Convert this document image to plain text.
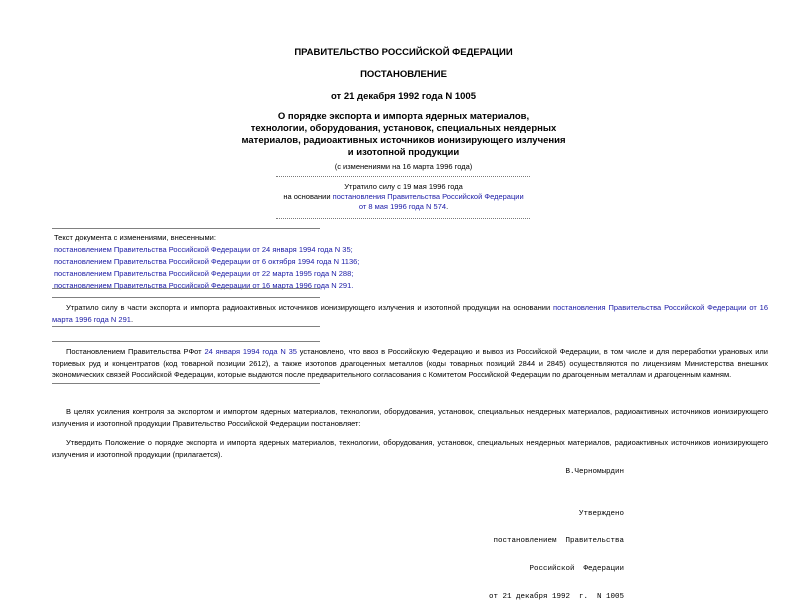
ПРАВИТЕЛЬСТВО РОССИЙСКОЙ ФЕДЕРАЦИИ
ПОСТАНОВЛЕНИЕ
от 21 декабря 1992 года N 1005
О порядке экспорта и импорта ядерных материалов,
технологии, оборудования, установок, специальных неядерных
материалов, радиоактивных источников ионизирующего излучения
и изотопной продукции
(с изменениями на 16 марта 1996 года)
Утратило силу с 19 мая 1996 года
на основании постановления Правительства Российской Федерации
от 8 мая 1996 года N 574.
Текст документа с изменениями, внесенными:
постановлением Правительства Российской Федерации от 24 января 1994 года N 35;
постановлением Правительства Российской Федерации от 6 октября 1994 года N 1136;
постановлением Правительства Российской Федерации от 22 марта 1995 года N 288;
постановлением Правительства Российской Федерации от 16 марта 1996 года N 291.
Утратило силу в части экспорта и импорта радиоактивных источников ионизирующего излучения и изотопной продукции на основании постановления Правительства Российской Федерации от 16 марта 1996 года N 291.
Постановлением Правительства РФот 24 января 1994 года N 35 установлено, что ввоз в Российскую Федерацию и вывоз из Российской Федерации, в том числе и для переработки урановых или ториевых руд и концентратов (код товарной позиции 2612), а также изотопов драгоценных металлов (коды товарных позиций 2844 и 2845) осуществляются по лицензиям Министерства внешних экономических связей Российской Федерации, которые выдаются после предварительного согласования с Комитетом Российской Федерации по драгоценным металлам и драгоценным камням.
В целях усиления контроля за экспортом и импортом ядерных материалов, технологии, оборудования, установок, специальных неядерных материалов, радиоактивных источников ионизирующего излучения и изотопной продукции Правительство Российской Федерации постановляет:
Утвердить Положение о порядке экспорта и импорта ядерных материалов, технологии, оборудования, установок, специальных неядерных материалов, радиоактивных источников ионизирующего излучения и изотопной продукции (прилагается).
В.Черномырдин

Утверждено

постановлением  Правительства

Российской  Федерации

от 21 декабря 1992  г.  N 1005
